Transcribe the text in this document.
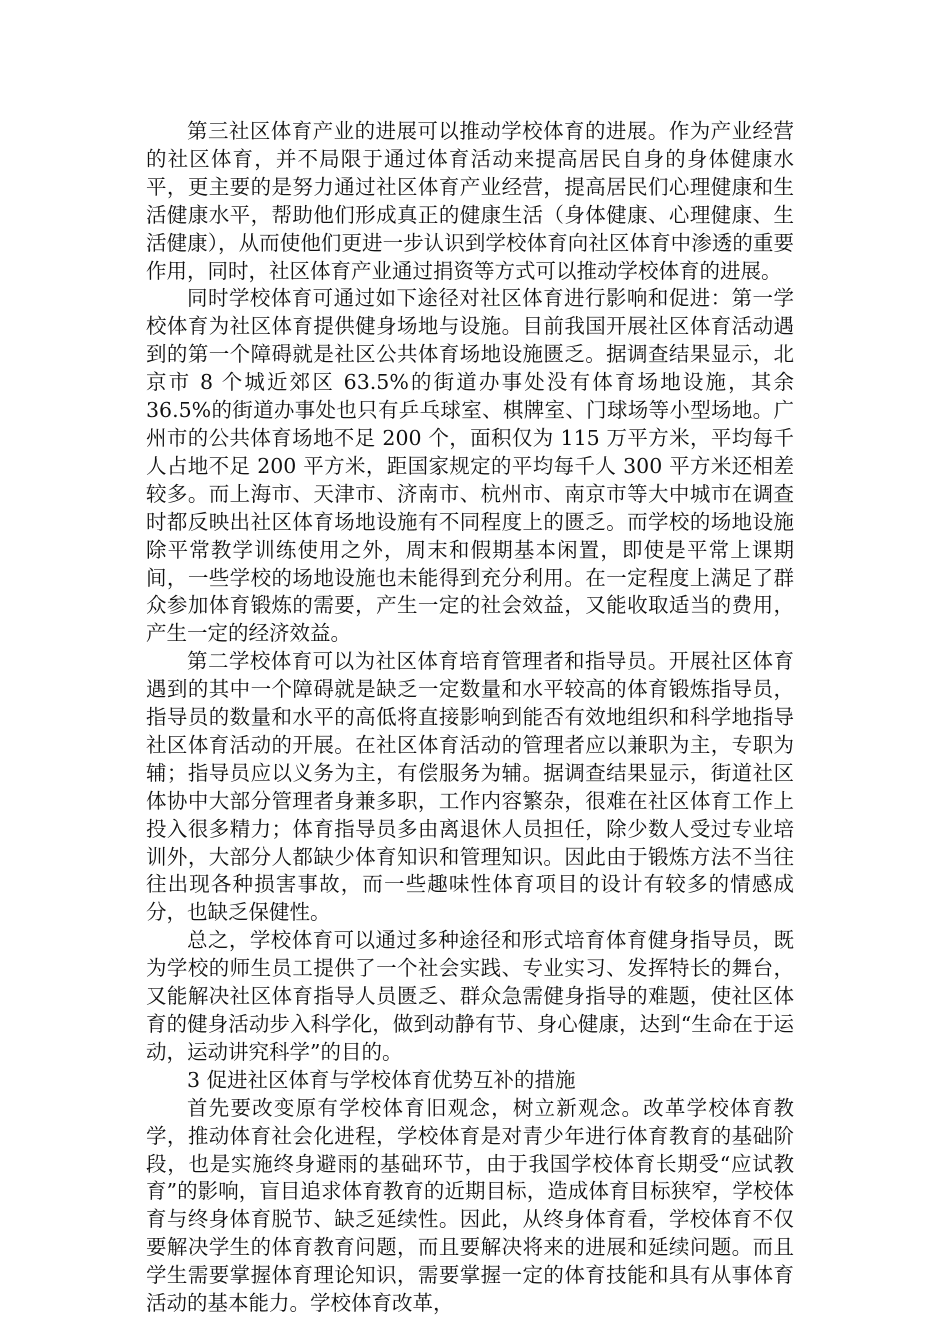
第三社区体育产业的进展可以推动学校体育的进展。作为产业经营的社区体育，并不局限于通过体育活动来提高居民自身的身体健康水平，更主要的是努力通过社区体育产业经营，提高居民们心理健康和生活健康水平，帮助他们形成真正的健康生活（身体健康、心理健康、生活健康），从而使他们更进一步认识到学校体育向社区体育中渗透的重要作用，同时，社区体育产业通过捐资等方式可以推动学校体育的进展。

同时学校体育可通过如下途径对社区体育进行影响和促进：第一学校体育为社区体育提供健身场地与设施。目前我国开展社区体育活动遇到的第一个障碍就是社区公共体育场地设施匮乏。据调查结果显示，北京市 8 个城近郊区 63.5%的街道办事处没有体育场地设施，其余 36.5%的街道办事处也只有乒乓球室、棋牌室、门球场等小型场地。广州市的公共体育场地不足 200 个，面积仅为 115 万平方米，平均每千人占地不足 200 平方米，距国家规定的平均每千人 300 平方米还相差较多。而上海市、天津市、济南市、杭州市、南京市等大中城市在调查时都反映出社区体育场地设施有不同程度上的匮乏。而学校的场地设施除平常教学训练使用之外，周末和假期基本闲置，即使是平常上课期间，一些学校的场地设施也未能得到充分利用。在一定程度上满足了群众参加体育锻炼的需要，产生一定的社会效益，又能收取适当的费用，产生一定的经济效益。

第二学校体育可以为社区体育培育管理者和指导员。开展社区体育遇到的其中一个障碍就是缺乏一定数量和水平较高的体育锻炼指导员，指导员的数量和水平的高低将直接影响到能否有效地组织和科学地指导社区体育活动的开展。在社区体育活动的管理者应以兼职为主，专职为辅；指导员应以义务为主，有偿服务为辅。据调查结果显示，街道社区体协中大部分管理者身兼多职，工作内容繁杂，很难在社区体育工作上投入很多精力；体育指导员多由离退休人员担任，除少数人受过专业培训外，大部分人都缺少体育知识和管理知识。因此由于锻炼方法不当往往出现各种损害事故，而一些趣味性体育项目的设计有较多的情感成分，也缺乏保健性。

总之，学校体育可以通过多种途径和形式培育体育健身指导员，既为学校的师生员工提供了一个社会实践、专业实习、发挥特长的舞台，又能解决社区体育指导人员匮乏、群众急需健身指导的难题，使社区体育的健身活动步入科学化，做到动静有节、身心健康，达到“生命在于运动，运动讲究科学”的目的。

3 促进社区体育与学校体育优势互补的措施

首先要改变原有学校体育旧观念，树立新观念。改革学校体育教学，推动体育社会化进程，学校体育是对青少年进行体育教育的基础阶段，也是实施终身避雨的基础环节，由于我国学校体育长期受“应试教育”的影响，盲目追求体育教育的近期目标，造成体育目标狭窄，学校体育与终身体育脱节、缺乏延续性。因此，从终身体育看，学校体育不仅要解决学生的体育教育问题，而且要解决将来的进展和延续问题。而且学生需要掌握体育理论知识，需要掌握一定的体育技能和具有从事体育活动的基本能力。学校体育改革，
